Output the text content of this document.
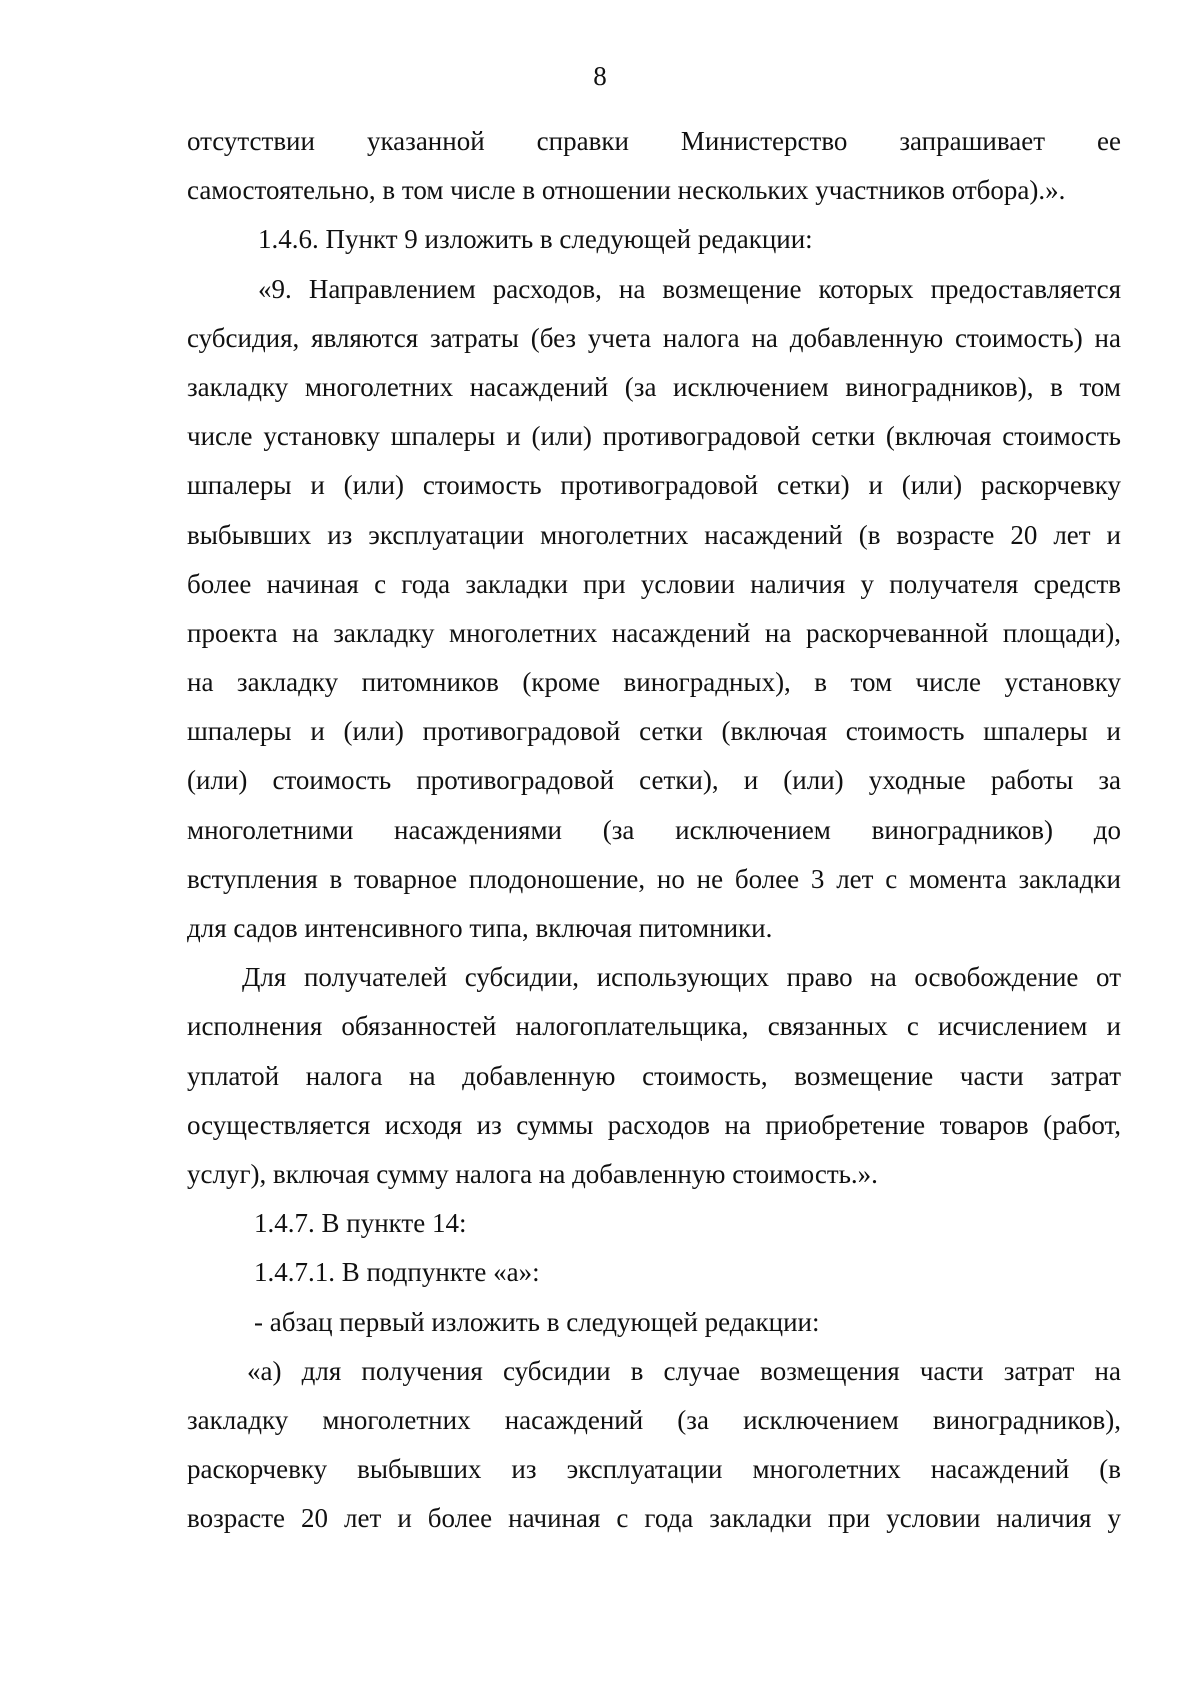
8
отсутствии указанной справки Министерство запрашивает ее
самостоятельно, в том числе в отношении нескольких участников отбора).».
1.4.6. Пункт 9 изложить в следующей редакции:
«9. Направлением расходов, на возмещение которых предоставляется
субсидия, являются затраты (без учета налога на добавленную стоимость) на
закладку многолетних насаждений (за исключением виноградников), в том
числе установку шпалеры и (или) противоградовой сетки (включая стоимость
шпалеры и (или) стоимость противоградовой сетки) и (или) раскорчевку
выбывших из эксплуатации многолетних насаждений (в возрасте 20 лет и
более начиная с года закладки при условии наличия у получателя средств
проекта на закладку многолетних насаждений на раскорчеванной площади),
на закладку питомников (кроме виноградных), в том числе установку
шпалеры и (или) противоградовой сетки (включая стоимость шпалеры и
(или) стоимость противоградовой сетки), и (или) уходные работы за
многолетними насаждениями (за исключением виноградников) до
вступления в товарное плодоношение, но не более 3 лет с момента закладки
для садов интенсивного типа, включая питомники.
Для получателей субсидии, использующих право на освобождение от
исполнения обязанностей налогоплательщика, связанных с исчислением и
уплатой налога на добавленную стоимость, возмещение части затрат
осуществляется исходя из суммы расходов на приобретение товаров (работ,
услуг), включая сумму налога на добавленную стоимость.».
1.4.7. В пункте 14:
1.4.7.1. В подпункте «а»:
- абзац первый изложить в следующей редакции:
«а) для получения субсидии в случае возмещения части затрат на
закладку многолетних насаждений (за исключением виноградников),
раскорчевку выбывших из эксплуатации многолетних насаждений (в
возрасте 20 лет и более начиная с года закладки при условии наличия у
